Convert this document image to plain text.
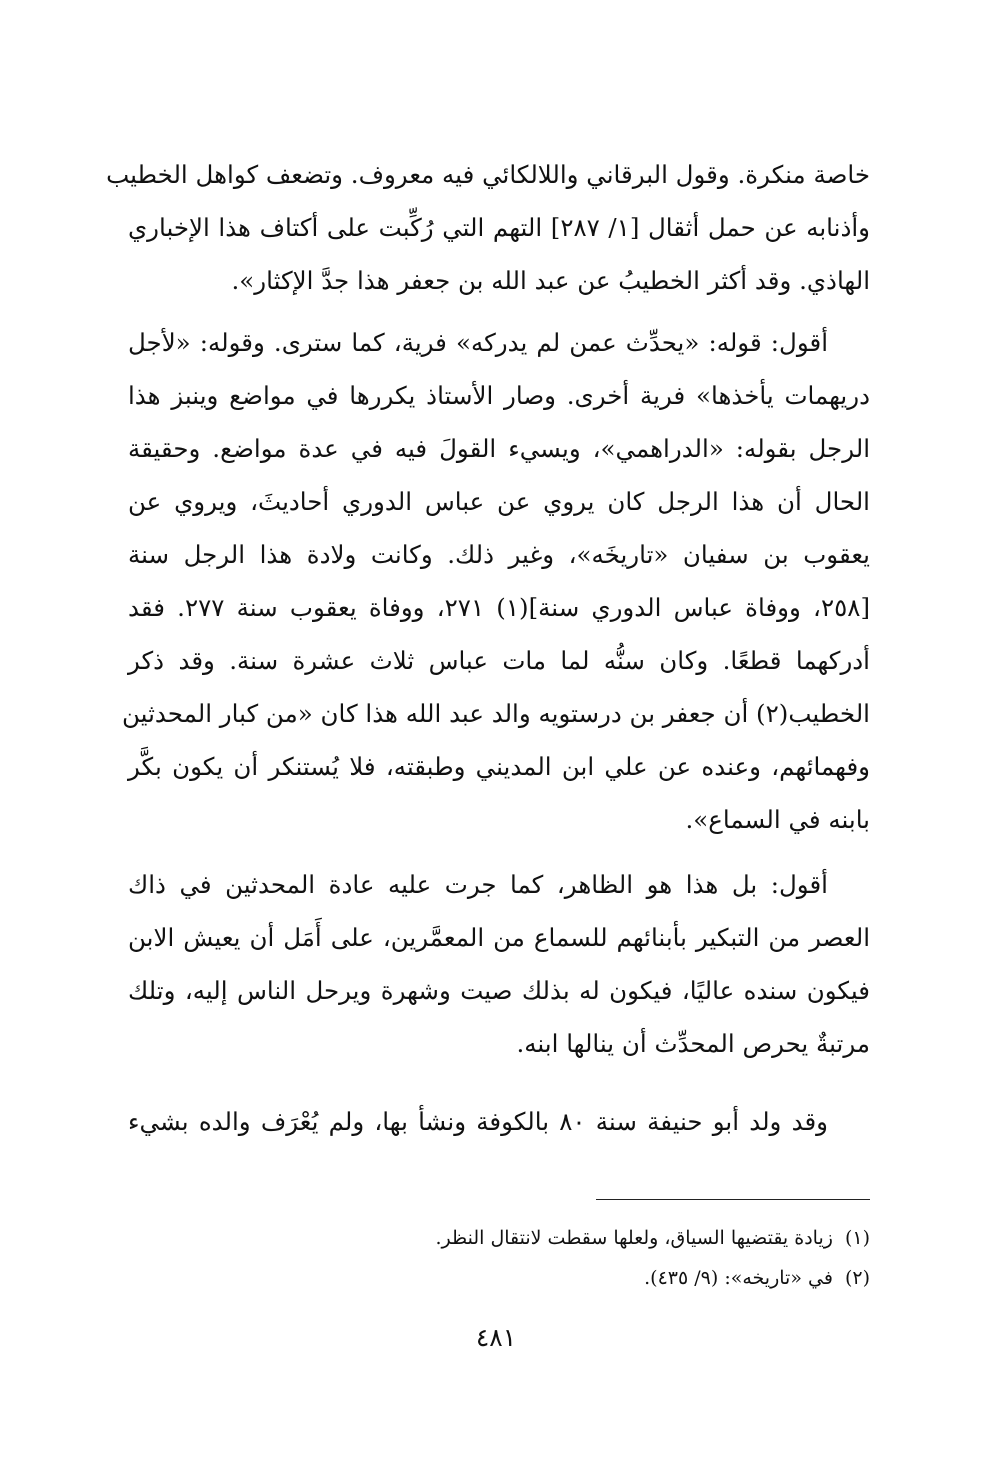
خاصة منكرة. وقول البرقاني واللالكائي فيه معروف. وتضعف كواهل الخطيب
وأذنابه عن حمل أثقال [١/ ٢٨٧] التهم التي رُكِّبت على أكتاف هذا الإخباري
الهاذي. وقد أكثر الخطيبُ عن عبد الله بن جعفر هذا جدَّ الإكثار».
أقول: قوله: «يحدِّث عمن لم يدركه» فرية، كما سترى. وقوله: «لأجل
دريهمات يأخذها» فرية أخرى. وصار الأستاذ يكررها في مواضع وينبز هذا
الرجل بقوله: «الدراهمي»، ويسيء القولَ فيه في عدة مواضع. وحقيقة
الحال أن هذا الرجل كان يروي عن عباس الدوري أحاديثَ، ويروي عن
يعقوب بن سفيان «تاريخَه»، وغير ذلك. وكانت ولادة هذا الرجل سنة
[٢٥٨، ووفاة عباس الدوري سنة](١) ٢٧١، ووفاة يعقوب سنة ٢٧٧. فقد
أدركهما قطعًا. وكان سنُّه لما مات عباس ثلاث عشرة سنة. وقد ذكر
الخطيب(٢) أن جعفر بن درستويه والد عبد الله هذا كان «من كبار المحدثين
وفهمائهم، وعنده عن علي ابن المديني وطبقته، فلا يُستنكر أن يكون بكَّر
بابنه في السماع».
أقول: بل هذا هو الظاهر، كما جرت عليه عادة المحدثين في ذاك
العصر من التبكير بأبنائهم للسماع من المعمَّرين، على أَمَل أن يعيش الابن
فيكون سنده عاليًا، فيكون له بذلك صيت وشهرة ويرحل الناس إليه، وتلك
مرتبةٌ يحرص المحدِّث أن ينالها ابنه.
وقد ولد أبو حنيفة سنة ٨٠ بالكوفة ونشأ بها، ولم يُعْرَف والده بشيء
(١)زيادة يقتضيها السياق، ولعلها سقطت لانتقال النظر.
(٢)في «تاريخه»: (٩/ ٤٣٥).
٤٨١
